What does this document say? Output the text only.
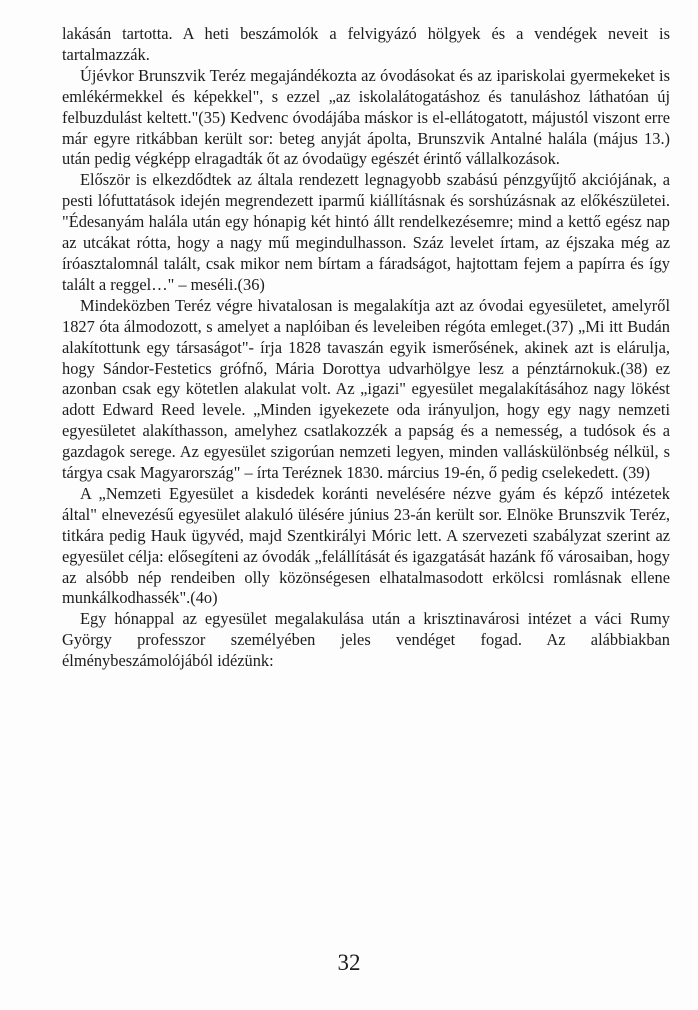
lakásán tartotta. A heti beszámolók a felvigyázó hölgyek és a vendégek neveit is tartalmazzák.

Újévkor Brunszvik Teréz megajándékozta az óvodásokat és az ipariskolai gyermekeket is emlékérmekkel és képekkel", s ezzel „az iskolalátogatáshoz és tanuláshoz láthatóan új felbuzdulást keltett."(35) Kedvenc óvodájába máskor is el-ellátogatott, májustól viszont erre már egyre ritkábban került sor: beteg anyját ápolta, Brunszvik Antalné halála (május 13.) után pedig végképp elragadták őt az óvodaügy egészét érintő vállalkozások.

Először is elkezdődtek az általa rendezett legnagyobb szabású pénzgyűjtő akciójának, a pesti lófuttatások idején megrendezett iparmű kiállításnak és sorshúzásnak az előkészületei. "Édesanyám halála után egy hónapig két hintó állt rendelkezésemre; mind a kettő egész nap az utcákat rótta, hogy a nagy mű megindulhasson. Száz levelet írtam, az éjszaka még az íróasztalomnál talált, csak mikor nem bírtam a fáradságot, hajtottam fejem a papírra és így talált a reggel…" – meséli.(36)

Mindeközben Teréz végre hivatalosan is megalakítja azt az óvodai egyesületet, amelyről 1827 óta álmodozott, s amelyet a naplóiban és leveleiben régóta emleget.(37) „Mi itt Budán alakítottunk egy társaságot"- írja 1828 tavaszán egyik ismerősének, akinek azt is elárulja, hogy Sándor-Festetics grófnő, Mária Dorottya udvarhölgye lesz a pénztárnokuk.(38) ez azonban csak egy kötetlen alakulat volt. Az „igazi" egyesület megalakításához nagy lökést adott Edward Reed levele. „Minden igyekezete oda irányuljon, hogy egy nagy nemzeti egyesületet alakíthasson, amelyhez csatlakozzék a papság és a nemesség, a tudósok és a gazdagok serege. Az egyesület szigorúan nemzeti legyen, minden valláskülönbség nélkül, s tárgya csak Magyarország" – írta Teréznek 1830. március 19-én, ő pedig cselekedett. (39)

A „Nemzeti Egyesület a kisdedek koránti nevelésére nézve gyám és képző intézetek által" elnevezésű egyesület alakuló ülésére június 23-án került sor. Elnöke Brunszvik Teréz, titkára pedig Hauk ügyvéd, majd Szentkirályi Móric lett. A szervezeti szabályzat szerint az egyesület célja: elősegíteni az óvodák „felállítását és igazgatását hazánk fő városaiban, hogy az alsóbb nép rendeiben olly közönségesen elhatalmasodott erkölcsi romlásnak ellene munkálkodhassék".(4o)

Egy hónappal az egyesület megalakulása után a krisztinavárosi intézet a váci Rumy György professzor személyében jeles vendéget fogad. Az alábbiakban élménybeszámolójából idézünk:

32
